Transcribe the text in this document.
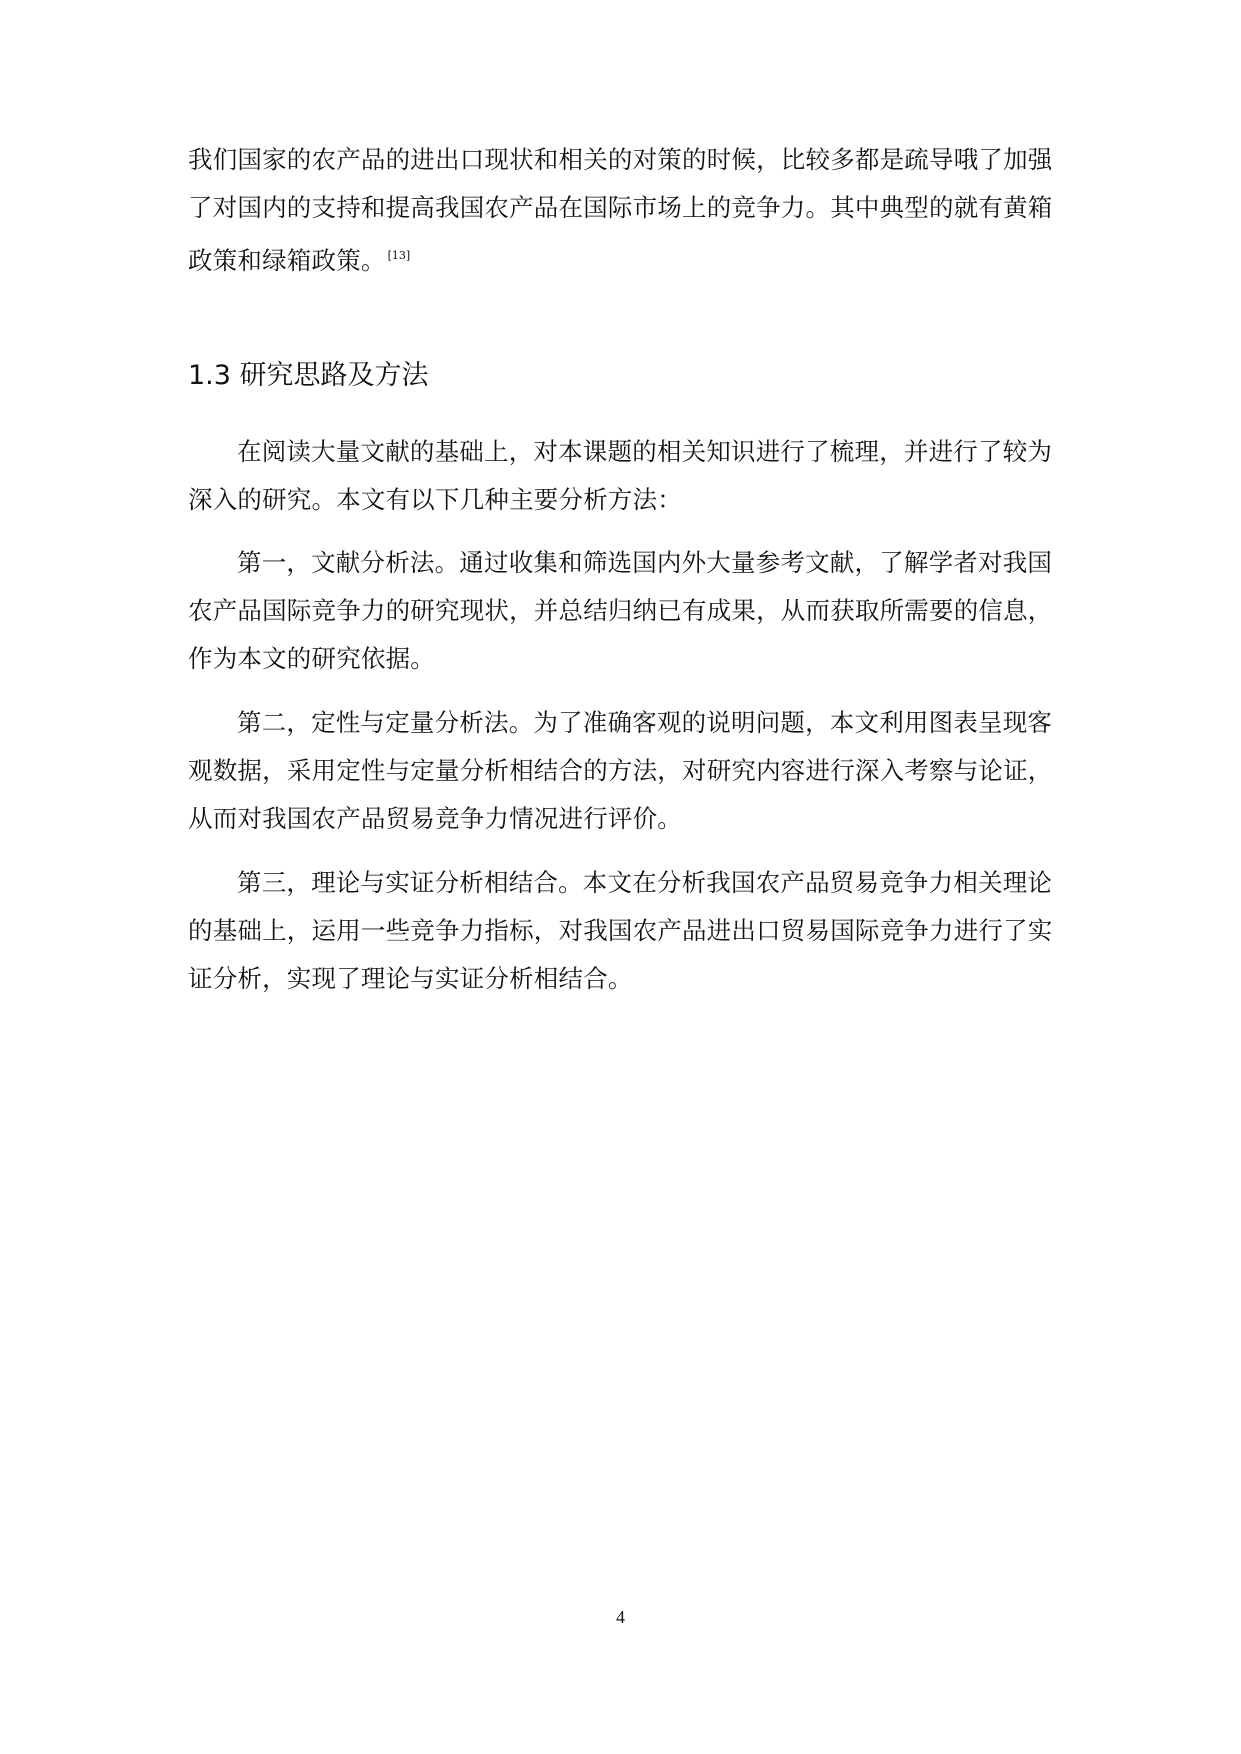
我们国家的农产品的进出口现状和相关的对策的时候，比较多都是疏导哦了加强
了对国内的支持和提高我国农产品在国际市场上的竞争力。其中典型的就有黄箱
政策和绿箱政策。 [13]
1.3 研究思路及方法
在阅读大量文献的基础上，对本课题的相关知识进行了梳理，并进行了较为
深入的研究。本文有以下几种主要分析方法：
第一，文献分析法。通过收集和筛选国内外大量参考文献，了解学者对我国
农产品国际竞争力的研究现状，并总结归纳已有成果，从而获取所需要的信息，
作为本文的研究依据。
第二，定性与定量分析法。为了准确客观的说明问题，本文利用图表呈现客
观数据，采用定性与定量分析相结合的方法，对研究内容进行深入考察与论证，
从而对我国农产品贸易竞争力情况进行评价。
第三，理论与实证分析相结合。本文在分析我国农产品贸易竞争力相关理论
的基础上，运用一些竞争力指标，对我国农产品进出口贸易国际竞争力进行了实
证分析，实现了理论与实证分析相结合。
4
